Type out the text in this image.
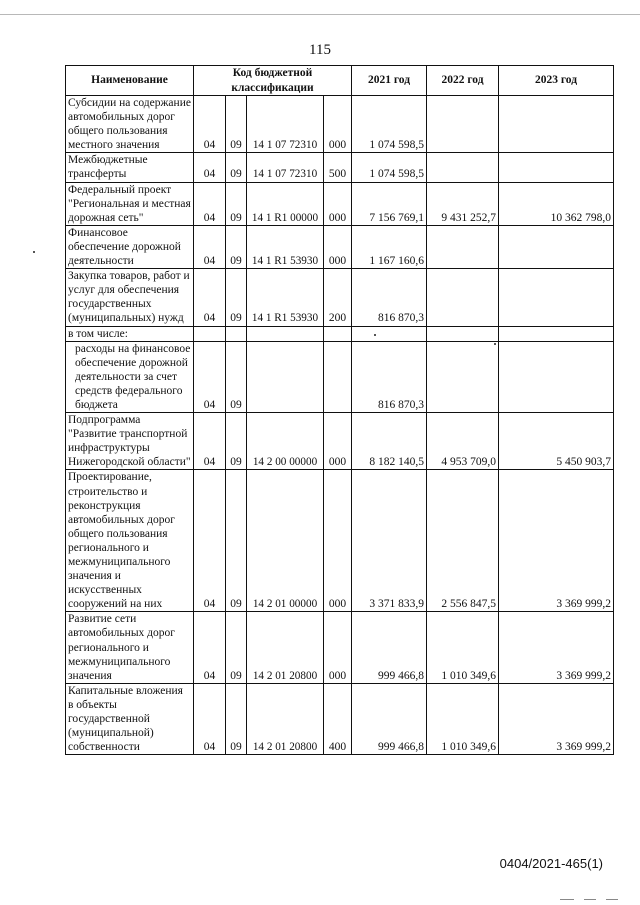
115
Наименование	Код бюджетной классификации				2021 год	2022 год	2023 год
Субсидии на содержание автомобильных дорог общего пользования местного значения	04	09	14 1 07 72310	000	1 074 598,5		
Межбюджетные трансферты	04	09	14 1 07 72310	500	1 074 598,5		
Федеральный проект "Региональная и местная дорожная сеть"	04	09	14 1 R1 00000	000	7 156 769,1	9 431 252,7	10 362 798,0
Финансовое обеспечение дорожной деятельности	04	09	14 1 R1 53930	000	1 167 160,6		
Закупка товаров, работ и услуг для обеспечения государственных (муниципальных) нужд	04	09	14 1 R1 53930	200	816 870,3		
в том числе:							
расходы на финансовое обеспечение дорожной деятельности за счет средств федерального бюджета	04	09			816 870,3		
Подпрограмма "Развитие транспортной инфраструктуры Нижегородской области"	04	09	14 2 00 00000	000	8 182 140,5	4 953 709,0	5 450 903,7
Проектирование, строительство и реконструкция автомобильных дорог общего пользования регионального и межмуниципального значения и искусственных сооружений на них	04	09	14 2 01 00000	000	3 371 833,9	2 556 847,5	3 369 999,2
Развитие сети автомобильных дорог регионального и межмуниципального значения	04	09	14 2 01 20800	000	999 466,8	1 010 349,6	3 369 999,2
Капитальные вложения в объекты государственной (муниципальной) собственности	04	09	14 2 01 20800	400	999 466,8	1 010 349,6	3 369 999,2
0404/2021-465(1)
